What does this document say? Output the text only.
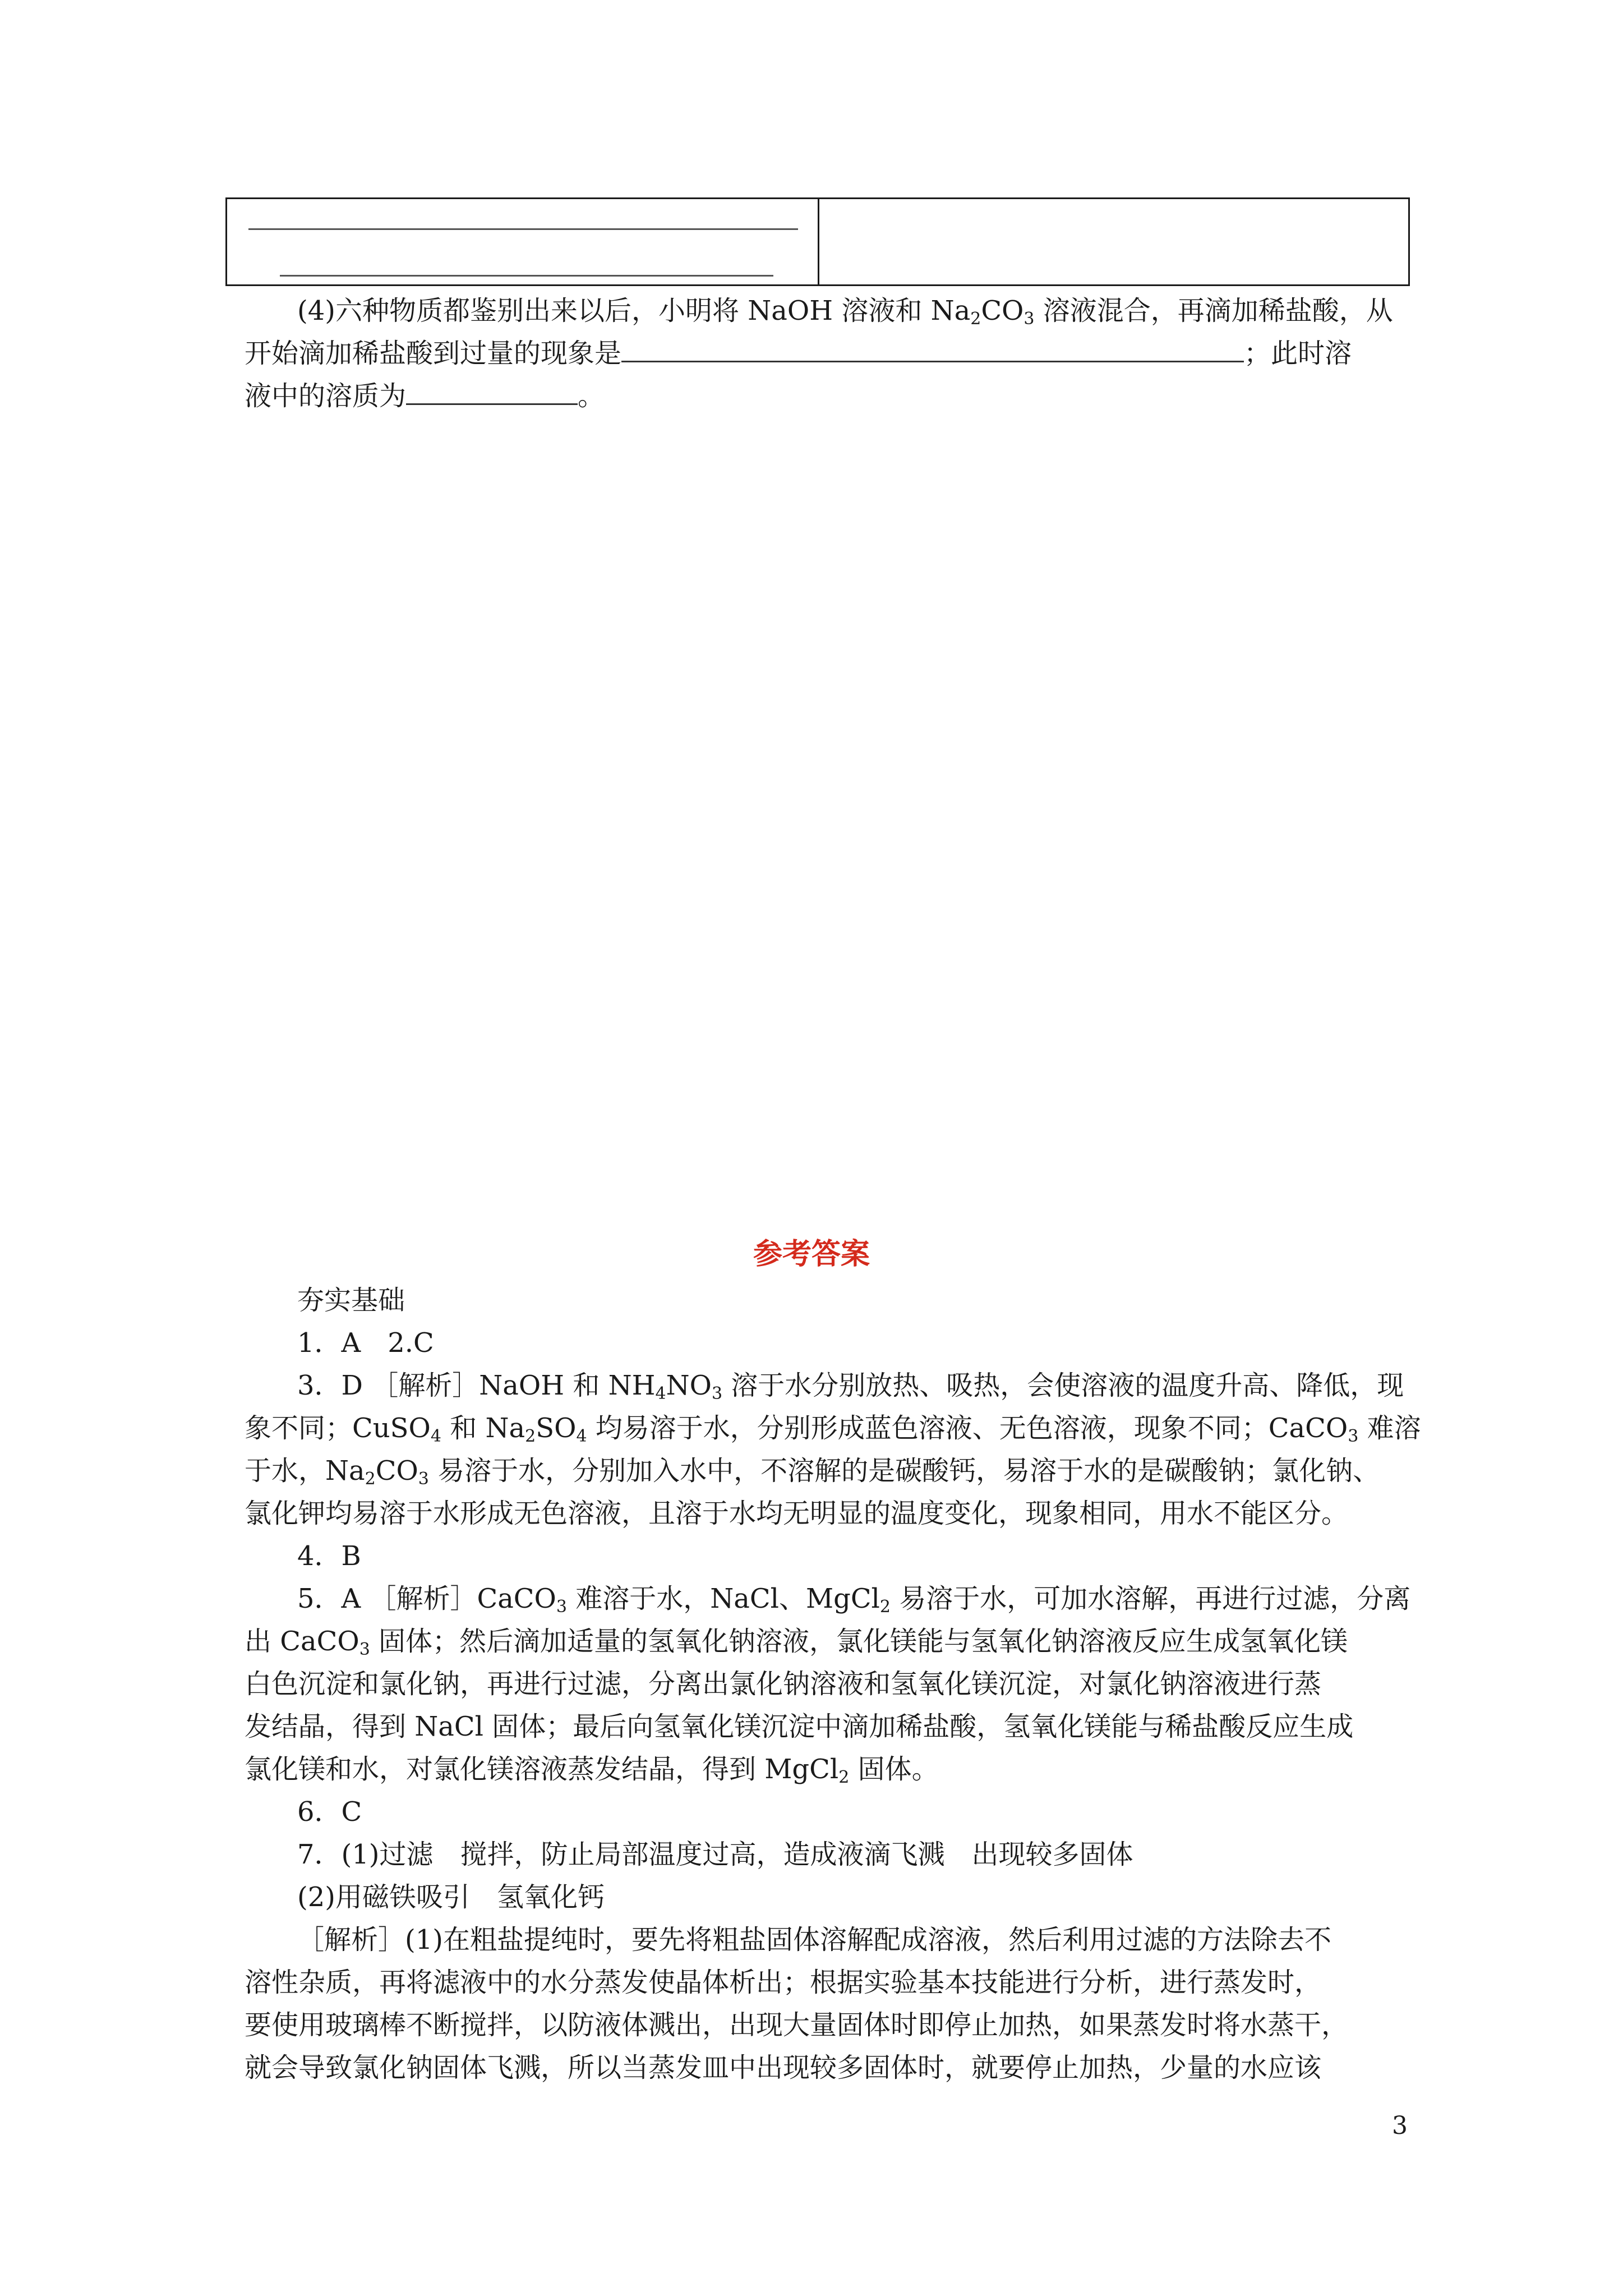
(4)六种物质都鉴别出来以后，小明将 NaOH 溶液和 $Na_2CO_3$ 溶液混合，再滴加稀盐酸，从
开始滴加稀盐酸到过量的现象是	；此时溶
液中的溶质为	。
参考答案
夯实基础
1．A　2.C
3．D ［解析］NaOH 和 $NH_4NO_3$ 溶于水分别放热、吸热，会使溶液的温度升高、降低，现
象不同；CuSO$_4$ 和 $Na_2SO_4$ 均易溶于水，分别形成蓝色溶液、无色溶液，现象不同；CaCO$_3$ 难溶
于水，$Na_2CO_3$ 易溶于水，分别加入水中，不溶解的是碳酸钙，易溶于水的是碳酸钠；氯化钠、
氯化钾均易溶于水形成无色溶液，且溶于水均无明显的温度变化，现象相同，用水不能区分。
4．B
5．A ［解析］CaCO$_3$ 难溶于水，NaCl、MgCl$_2$ 易溶于水，可加水溶解，再进行过滤，分离
出 CaCO$_3$ 固体；然后滴加适量的氢氧化钠溶液，氯化镁能与氢氧化钠溶液反应生成氢氧化镁
白色沉淀和氯化钠，再进行过滤，分离出氯化钠溶液和氢氧化镁沉淀，对氯化钠溶液进行蒸
发结晶，得到 NaCl 固体；最后向氢氧化镁沉淀中滴加稀盐酸，氢氧化镁能与稀盐酸反应生成
氯化镁和水，对氯化镁溶液蒸发结晶，得到 MgCl$_2$ 固体。
6．C
7．(1)过滤　搅拌，防止局部温度过高，造成液滴飞溅　出现较多固体
(2)用磁铁吸引　氢氧化钙
［解析］(1)在粗盐提纯时，要先将粗盐固体溶解配成溶液，然后利用过滤的方法除去不
溶性杂质，再将滤液中的水分蒸发使晶体析出；根据实验基本技能进行分析，进行蒸发时，
要使用玻璃棒不断搅拌，以防液体溅出，出现大量固体时即停止加热，如果蒸发时将水蒸干，
就会导致氯化钠固体飞溅，所以当蒸发皿中出现较多固体时，就要停止加热，少量的水应该
3
